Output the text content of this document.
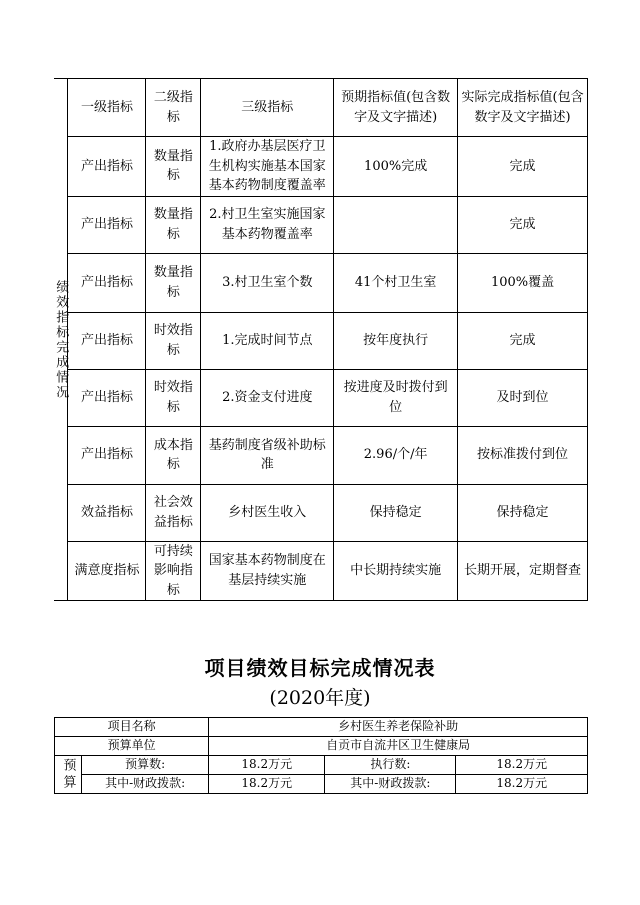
绩效指标完成情况	一级指标	二级指标	三级指标	预期指标值(包含数字及文字描述)	实际完成指标值(包含数字及文字描述)
	产出指标	数量指标	1.政府办基层医疗卫生机构实施基本国家基本药物制度覆盖率	100%完成	完成
	产出指标	数量指标	2.村卫生室实施国家基本药物覆盖率		完成
	产出指标	数量指标	3.村卫生室个数	41个村卫生室	100%覆盖
	产出指标	时效指标	1.完成时间节点	按年度执行	完成
	产出指标	时效指标	2.资金支付进度	按进度及时拨付到位	及时到位
	产出指标	成本指标	基药制度省级补助标准	2.96/个/年	按标准拨付到位
	效益指标	社会效益指标	乡村医生收入	保持稳定	保持稳定
	满意度指标	可持续影响指标	国家基本药物制度在基层持续实施	中长期持续实施	长期开展，定期督查
项目绩效目标完成情况表
(2020年度)
项目名称		乡村医生养老保险补助		
预算单位		自贡市自流井区卫生健康局		

预算	预算数:	18.2万元	执行数:	18.2万元
	其中-财政拨款:	18.2万元	其中-财政拨款:	18.2万元
